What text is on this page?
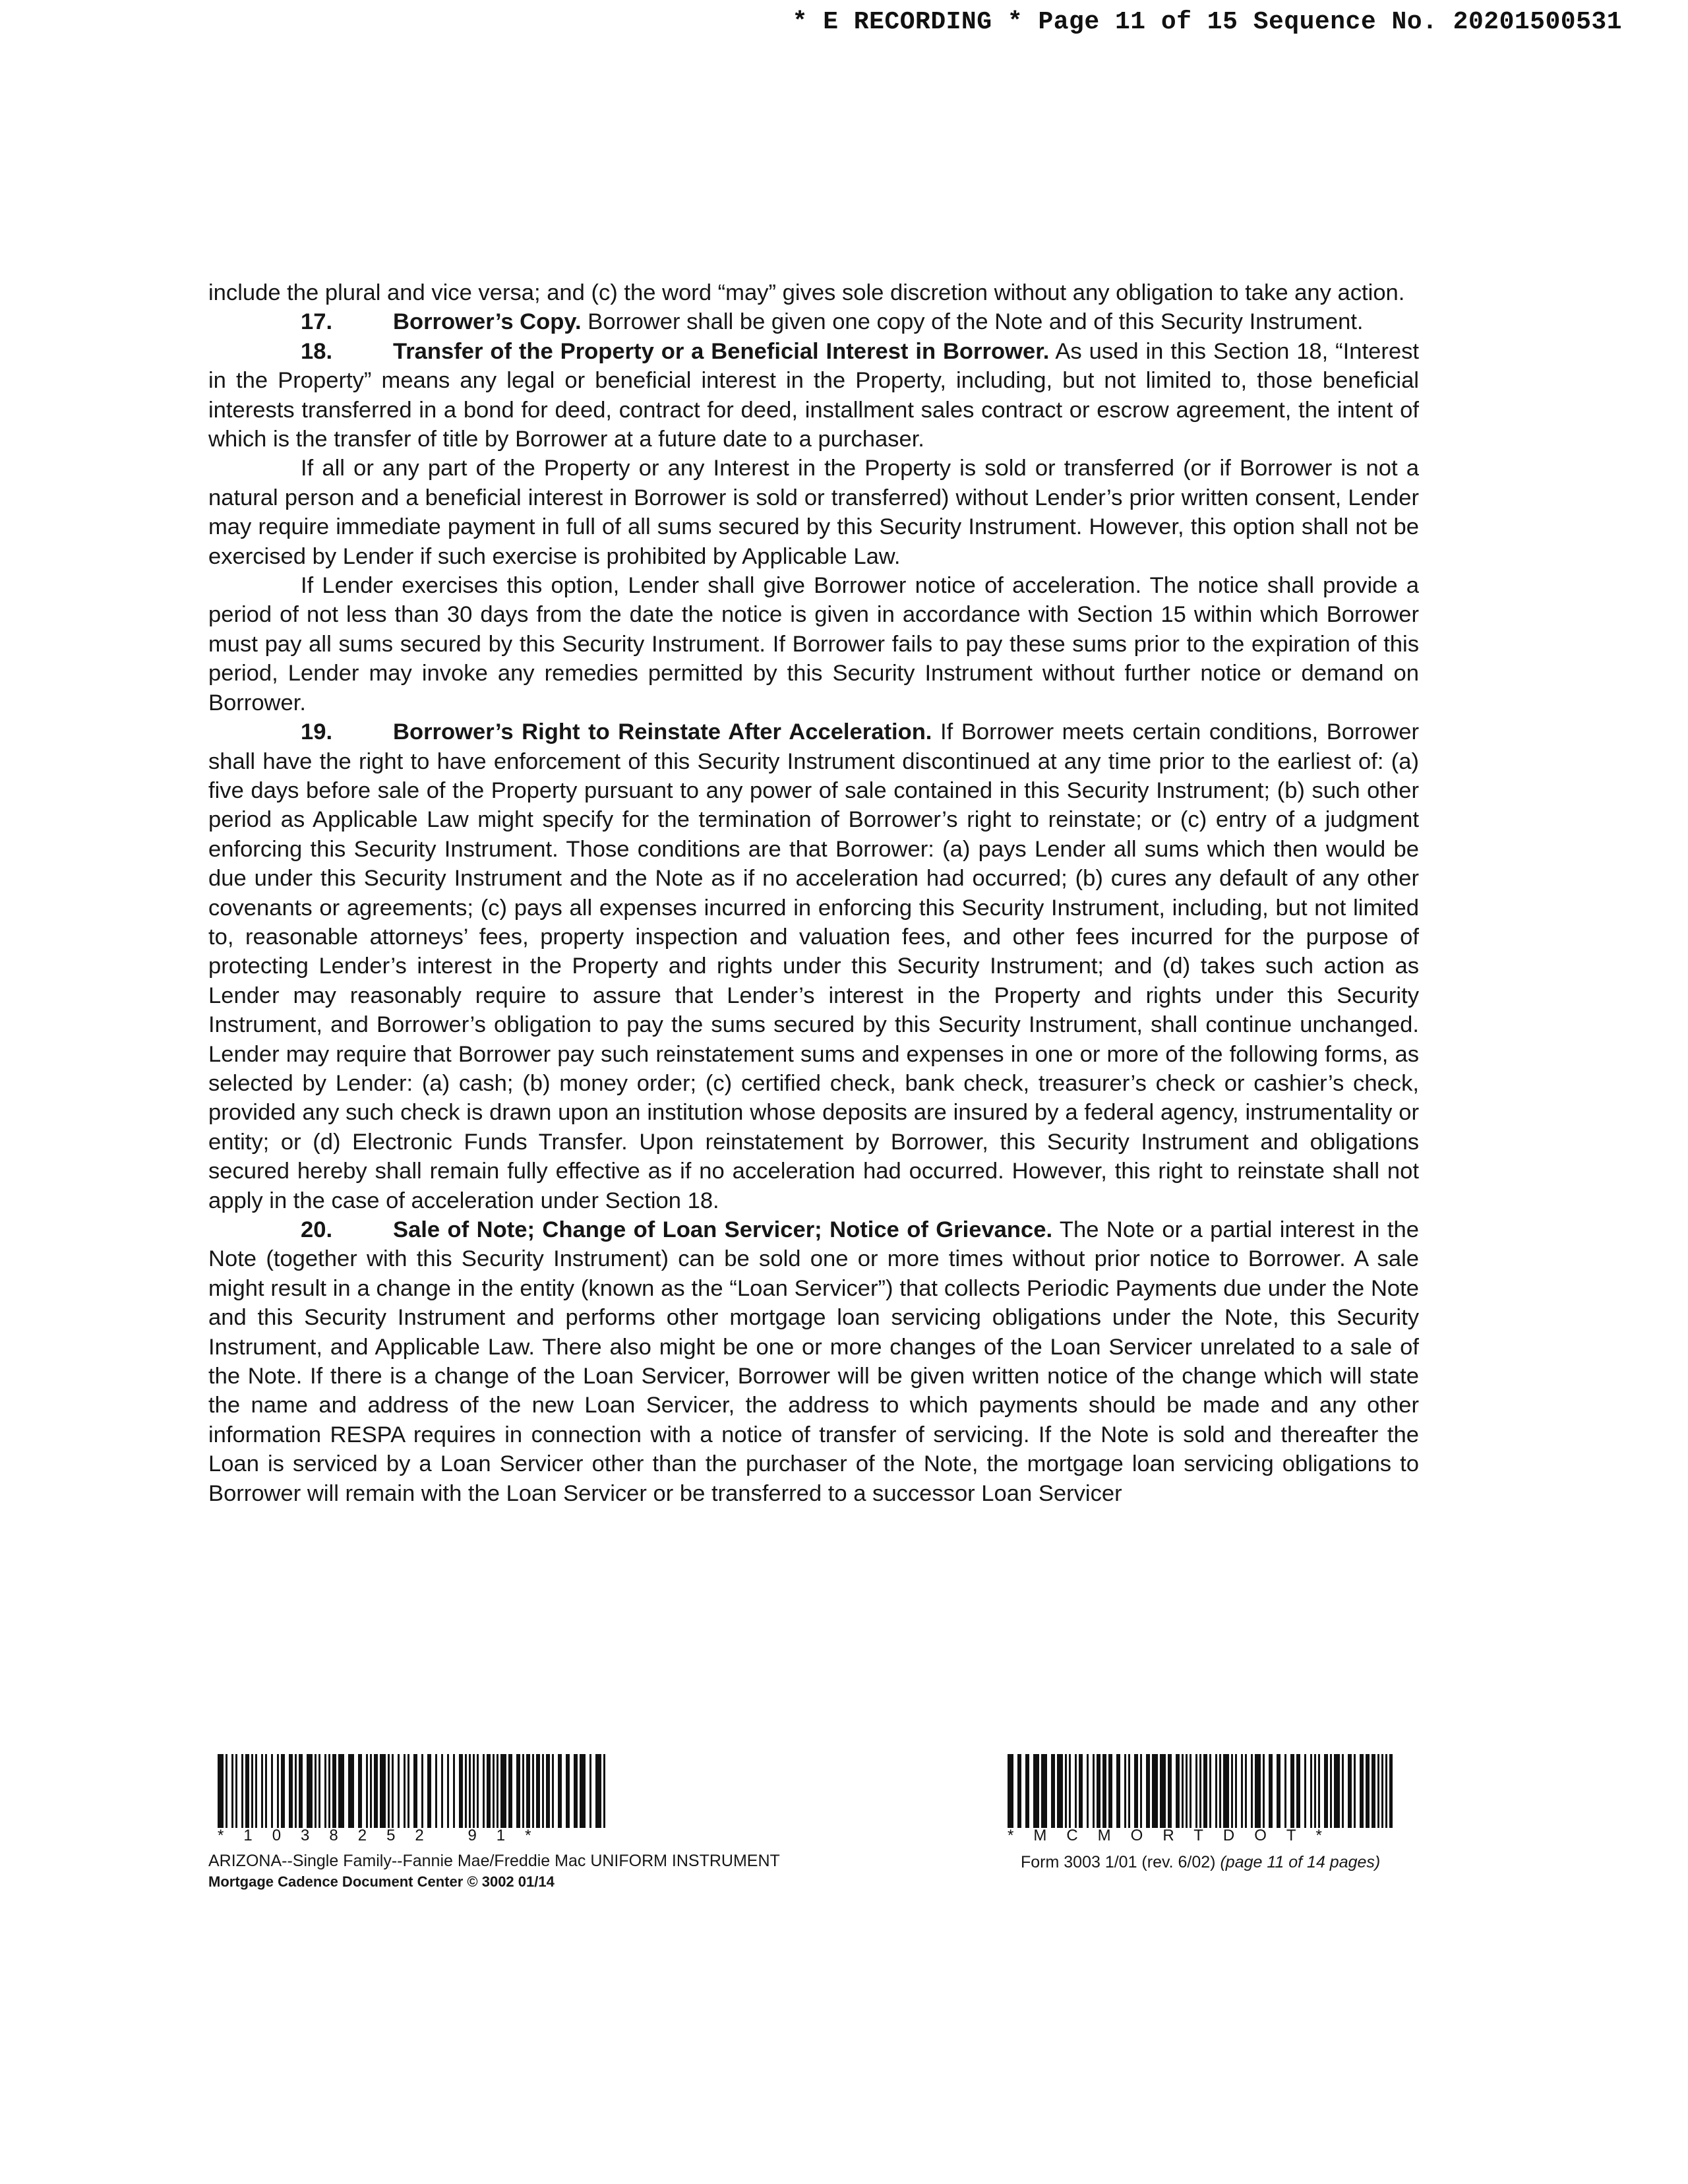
* E RECORDING * Page 11 of 15 Sequence No. 20201500531

include the plural and vice versa; and (c) the word “may” gives sole discretion without any obligation to take any action.

17.	Borrower’s Copy. Borrower shall be given one copy of the Note and of this Security Instrument.

18.	Transfer of the Property or a Beneficial Interest in Borrower. As used in this Section 18, “Interest in the Property” means any legal or beneficial interest in the Property, including, but not limited to, those beneficial interests transferred in a bond for deed, contract for deed, installment sales contract or escrow agreement, the intent of which is the transfer of title by Borrower at a future date to a purchaser.

If all or any part of the Property or any Interest in the Property is sold or transferred (or if Borrower is not a natural person and a beneficial interest in Borrower is sold or transferred) without Lender’s prior written consent, Lender may require immediate payment in full of all sums secured by this Security Instrument. However, this option shall not be exercised by Lender if such exercise is prohibited by Applicable Law.

If Lender exercises this option, Lender shall give Borrower notice of acceleration. The notice shall provide a period of not less than 30 days from the date the notice is given in accordance with Section 15 within which Borrower must pay all sums secured by this Security Instrument. If Borrower fails to pay these sums prior to the expiration of this period, Lender may invoke any remedies permitted by this Security Instrument without further notice or demand on Borrower.

19.	Borrower’s Right to Reinstate After Acceleration. If Borrower meets certain conditions, Borrower shall have the right to have enforcement of this Security Instrument discontinued at any time prior to the earliest of: (a) five days before sale of the Property pursuant to any power of sale contained in this Security Instrument; (b) such other period as Applicable Law might specify for the termination of Borrower’s right to reinstate; or (c) entry of a judgment enforcing this Security Instrument. Those conditions are that Borrower: (a) pays Lender all sums which then would be due under this Security Instrument and the Note as if no acceleration had occurred; (b) cures any default of any other covenants or agreements; (c) pays all expenses incurred in enforcing this Security Instrument, including, but not limited to, reasonable attorneys’ fees, property inspection and valuation fees, and other fees incurred for the purpose of protecting Lender’s interest in the Property and rights under this Security Instrument; and (d) takes such action as Lender may reasonably require to assure that Lender’s interest in the Property and rights under this Security Instrument, and Borrower’s obligation to pay the sums secured by this Security Instrument, shall continue unchanged. Lender may require that Borrower pay such reinstatement sums and expenses in one or more of the following forms, as selected by Lender: (a) cash; (b) money order; (c) certified check, bank check, treasurer’s check or cashier’s check, provided any such check is drawn upon an institution whose deposits are insured by a federal agency, instrumentality or entity; or (d) Electronic Funds Transfer. Upon reinstatement by Borrower, this Security Instrument and obligations secured hereby shall remain fully effective as if no acceleration had occurred. However, this right to reinstate shall not apply in the case of acceleration under Section 18.

20.	Sale of Note; Change of Loan Servicer; Notice of Grievance. The Note or a partial interest in the Note (together with this Security Instrument) can be sold one or more times without prior notice to Borrower. A sale might result in a change in the entity (known as the “Loan Servicer”) that collects Periodic Payments due under the Note and this Security Instrument and performs other mortgage loan servicing obligations under the Note, this Security Instrument, and Applicable Law. There also might be one or more changes of the Loan Servicer unrelated to a sale of the Note. If there is a change of the Loan Servicer, Borrower will be given written notice of the change which will state the name and address of the new Loan Servicer, the address to which payments should be made and any other information RESPA requires in connection with a notice of transfer of servicing. If the Note is sold and thereafter the Loan is serviced by a Loan Servicer other than the purchaser of the Note, the mortgage loan servicing obligations to Borrower will remain with the Loan Servicer or be transferred to a successor Loan Servicer

*1038252 91*	*MCMORTDOT*
ARIZONA--Single Family--Fannie Mae/Freddie Mac UNIFORM INSTRUMENT
Mortgage Cadence Document Center © 3002 01/14
Form 3003 1/01 (rev. 6/02) (page 11 of 14 pages)
